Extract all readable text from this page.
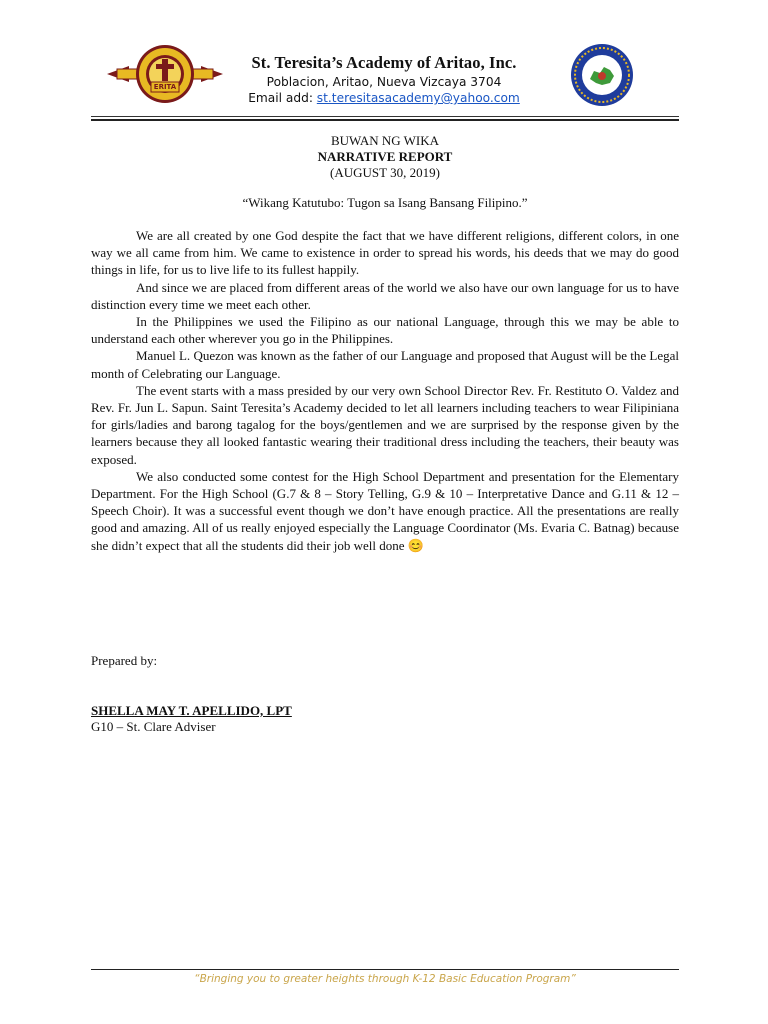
ERITA
St. Teresita’s Academy of Aritao, Inc.
Poblacion, Aritao, Nueva Vizcaya 3704
Email add: st.teresitasacademy@yahoo.com
BUWAN NG WIKA
NARRATIVE REPORT
(AUGUST 30, 2019)
“Wikang Katutubo: Tugon sa Isang Bansang Filipino.”

We are all created by one God despite the fact that we have different religions, different colors, in one way we all came from him. We came to existence in order to spread his words, his deeds that we may do good things in life, for us to live life to its fullest happily.

And since we are placed from different areas of the world we also have our own language for us to have distinction every time we meet each other.

In the Philippines we used the Filipino as our national Language, through this we may be able to understand each other wherever you go in the Philippines.

Manuel L. Quezon was known as the father of our Language and proposed that August will be the Legal month of Celebrating our Language.

The event starts with a mass presided by our very own School Director Rev. Fr. Restituto O. Valdez and Rev. Fr. Jun L. Sapun. Saint Teresita’s Academy decided to let all learners including teachers to wear Filipiniana for girls/ladies and barong tagalog for the boys/gentlemen and we are surprised by the response given by the learners because they all looked fantastic wearing their traditional dress including the teachers, their beauty was exposed.

We also conducted some contest for the High School Department and presentation for the Elementary Department. For the High School (G.7 & 8 – Story Telling, G.9 & 10 – Interpretative Dance and G.11 & 12 – Speech Choir). It was a successful event though we don’t have enough practice. All the presentations are really good and amazing. All of us really enjoyed especially the Language Coordinator (Ms. Evaria C. Batnag) because she didn’t expect that all the students did their job well done 😊

Prepared by:
SHELLA MAY T. APELLIDO, LPT
G10 – St. Clare Adviser
“Bringing you to greater heights through K-12 Basic Education Program”
